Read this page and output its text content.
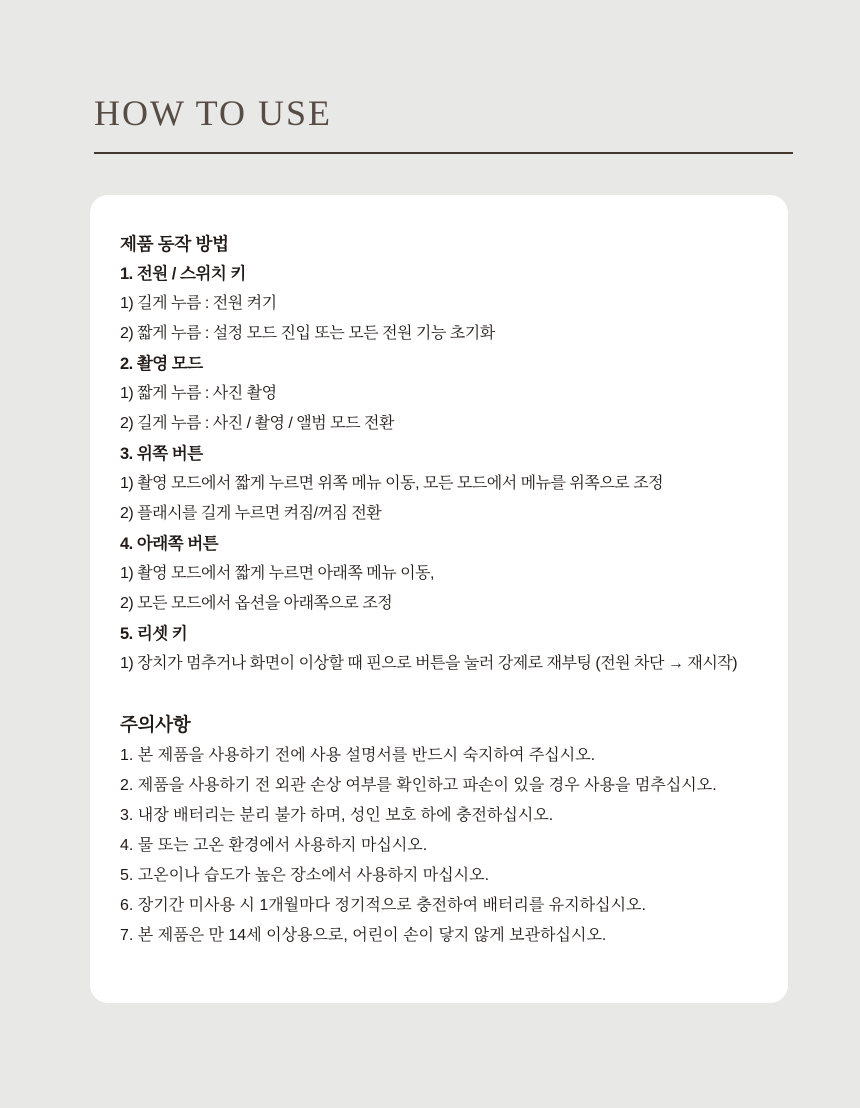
HOW TO USE
제품 동작 방법
1. 전원 / 스위치 키
1) 길게 누름 : 전원 켜기
2) 짧게 누름 : 설정 모드 진입 또는 모든 전원 기능 초기화
2. 촬영 모드
1) 짧게 누름 : 사진 촬영
2) 길게 누름 : 사진 / 촬영 / 앨범 모드 전환
3. 위쪽 버튼
1) 촬영 모드에서 짧게 누르면 위쪽 메뉴 이동, 모든 모드에서 메뉴를 위쪽으로 조정
2) 플래시를 길게 누르면 켜짐/꺼짐 전환
4. 아래쪽 버튼
1) 촬영 모드에서 짧게 누르면 아래쪽 메뉴 이동,
2) 모든 모드에서 옵션을 아래쪽으로 조정
5. 리셋 키
1) 장치가 멈추거나 화면이 이상할 때 핀으로 버튼을 눌러 강제로 재부팅 (전원 차단 → 재시작)
주의사항
1. 본 제품을 사용하기 전에 사용 설명서를 반드시 숙지하여 주십시오.
2. 제품을 사용하기 전 외관 손상 여부를 확인하고 파손이 있을 경우 사용을 멈추십시오.
3. 내장 배터리는 분리 불가 하며, 성인 보호 하에 충전하십시오.
4. 물 또는 고온 환경에서 사용하지 마십시오.
5. 고온이나 습도가 높은 장소에서 사용하지 마십시오.
6. 장기간 미사용 시 1개월마다 정기적으로 충전하여 배터리를 유지하십시오.
7. 본 제품은 만 14세 이상용으로, 어린이 손이 닿지 않게 보관하십시오.
